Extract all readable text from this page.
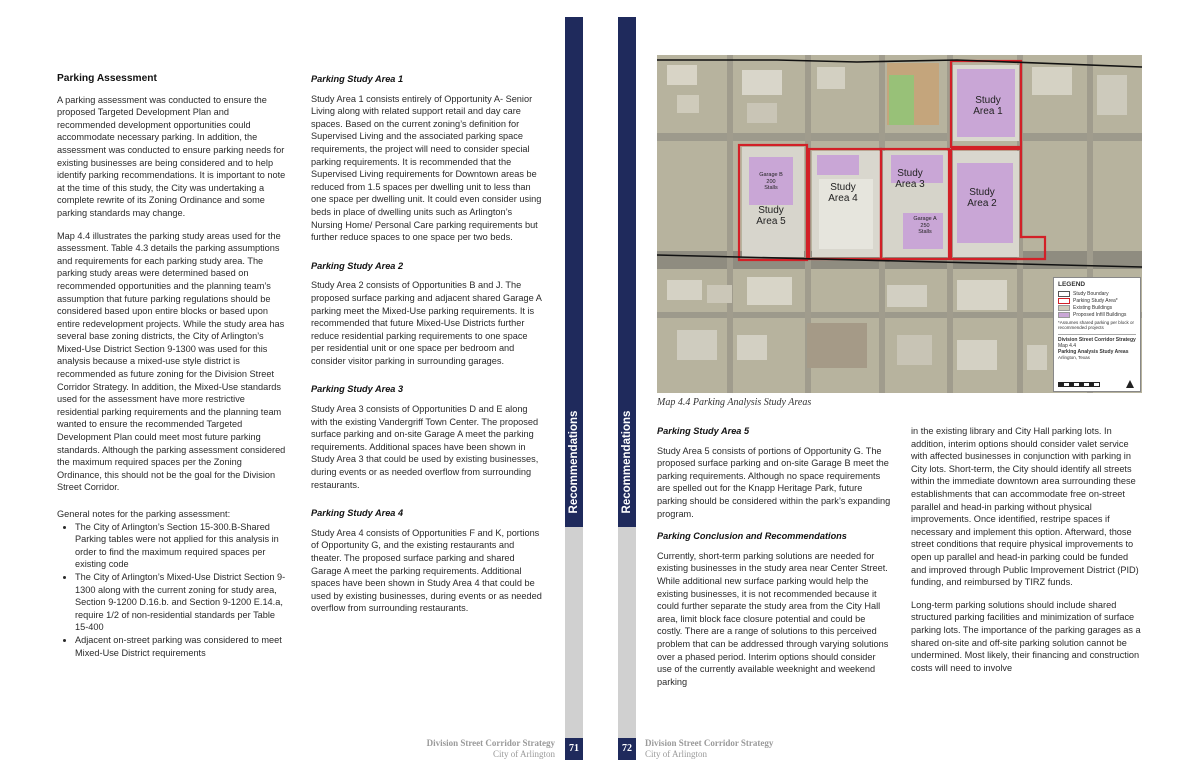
Parking Assessment

A parking assessment was conducted to ensure the proposed Targeted Development Plan and recommended development opportunities could accommodate necessary parking. In addition, the assessment was conducted to ensure parking needs for existing businesses are being considered and to help identify parking recommendations. It is important to note at the time of this study, the City was undertaking a complete rewrite of its Zoning Ordinance and some parking standards may change.

Map 4.4 illustrates the parking study areas used for the assessment. Table 4.3 details the parking assumptions and requirements for each parking study area. The parking study areas were determined based on recommended opportunities and the planning team’s assumption that future parking regulations should be considered based upon entire blocks or based upon entire redevelopment projects. While the study area has several base zoning districts, the City of Arlington’s Mixed-Use District Section 9-1300 was used for this analysis because a mixed-use style district is recommended as future zoning for the Division Street Corridor Strategy. In addition, the Mixed-Use standards used for the assessment have more restrictive residential parking requirements and the planning team wanted to ensure the recommended Targeted Development Plan could meet most future parking standards. Although the parking assessment considered the maximum required spaces per the Zoning Ordinance, this should not be the goal for the Division Street Corridor.

General notes for the parking assessment:
• The City of Arlington’s Section 15-300.B-Shared Parking tables were not applied for this analysis in order to find the maximum required spaces per existing code
• The City of Arlington’s Mixed-Use District Section 9-1300 along with the current zoning for study area, Section 9-1200 D.16.b. and Section 9-1200 E.14.a, require 1/2 of non-residential standards per Table 15-400
• Adjacent on-street parking was considered to meet Mixed-Use District requirements
Parking Study Area 1

Study Area 1 consists entirely of Opportunity A- Senior Living along with related support retail and day care spaces. Based on the current zoning’s definition for Supervised Living and the associated parking space requirements, the project will need to consider special parking requirements. It is recommended that the Supervised Living requirements for Downtown areas be reduced from 1.5 spaces per dwelling unit to less than one space per dwelling unit. It could even consider using beds in place of dwelling units such as Arlington’s Nursing Home/ Personal Care parking requirements but further reduce spaces to one space per two beds.

Parking Study Area 2

Study Area 2 consists of Opportunities B and J. The proposed surface parking and adjacent shared Garage A parking meet the Mixed-Use parking requirements. It is recommended that future Mixed-Use Districts further reduce residential parking requirements to one space per residential unit or one space per bedroom and consider visitor parking in surrounding garages.

Parking Study Area 3

Study Area 3 consists of Opportunities D and E along with the existing Vandergriff Town Center. The proposed surface parking and on-site Garage A meet the parking requirements. Additional spaces have been shown in Study Area 3 that could be used by existing businesses, during events or as needed overflow from surrounding restaurants.

Parking Study Area 4

Study Area 4 consists of Opportunities F and K, portions of Opportunity G, and the existing restaurants and theater. The proposed surface parking and shared Garage A meet the parking requirements. Additional spaces have been shown in Study Area 4 that could be used by existing businesses, during events or as needed overflow from surrounding restaurants.

Recommendations
71
Division Street Corridor Strategy
City of Arlington
Recommendations
72	Division Street Corridor Strategy
City of Arlington
Study Area 1
Study Area 2
Study Area 3
Study Area 4
Study Area 5
Garage B
200
Stalls
Garage A
250
Stalls
LEGEND
Study Boundary
Parking Study Area*
Existing Buildings
Proposed Infill Buildings
*Assumes shared parking per block or recommended projects
Division Street Corridor Strategy
Map 4.4
Parking Analysis Study Areas
Arlington, Texas
Map 4.4 Parking Analysis Study Areas
Parking Study Area 5

Study Area 5 consists of portions of Opportunity G. The proposed surface parking and on-site Garage B meet the parking requirements. Although no space requirements are spelled out for the Knapp Heritage Park, future parking should be considered within the park’s expanding program.

Parking Conclusion and Recommendations

Currently, short-term parking solutions are needed for existing businesses in the study area near Center Street. While additional new surface parking would help the existing businesses, it is not recommended because it could further separate the study area from the City Hall area, limit block face closure potential and could be costly. There are a range of solutions to this perceived problem that can be addressed through varying solutions over a phased period. Interim options should consider use of the currently available weeknight and weekend parking

in the existing library and City Hall parking lots. In addition, interim options should consider valet service with affected businesses in conjunction with parking in City lots. Short-term, the City should identify all streets within the immediate downtown area surrounding these establishments that can accommodate free on-street parallel and head-in parking without physical improvements. Once identified, restripe spaces if necessary and implement this option. Afterward, those street conditions that require physical improvements to open up parallel and head-in parking could be funded and improved through Public Improvement District (PID) funding, and reimbursed by TIRZ funds.

Long-term parking solutions should include shared structured parking facilities and minimization of surface parking lots. The importance of the parking garages as a shared on-site and off-site parking solution cannot be undermined. Most likely, their financing and construction costs will need to involve
